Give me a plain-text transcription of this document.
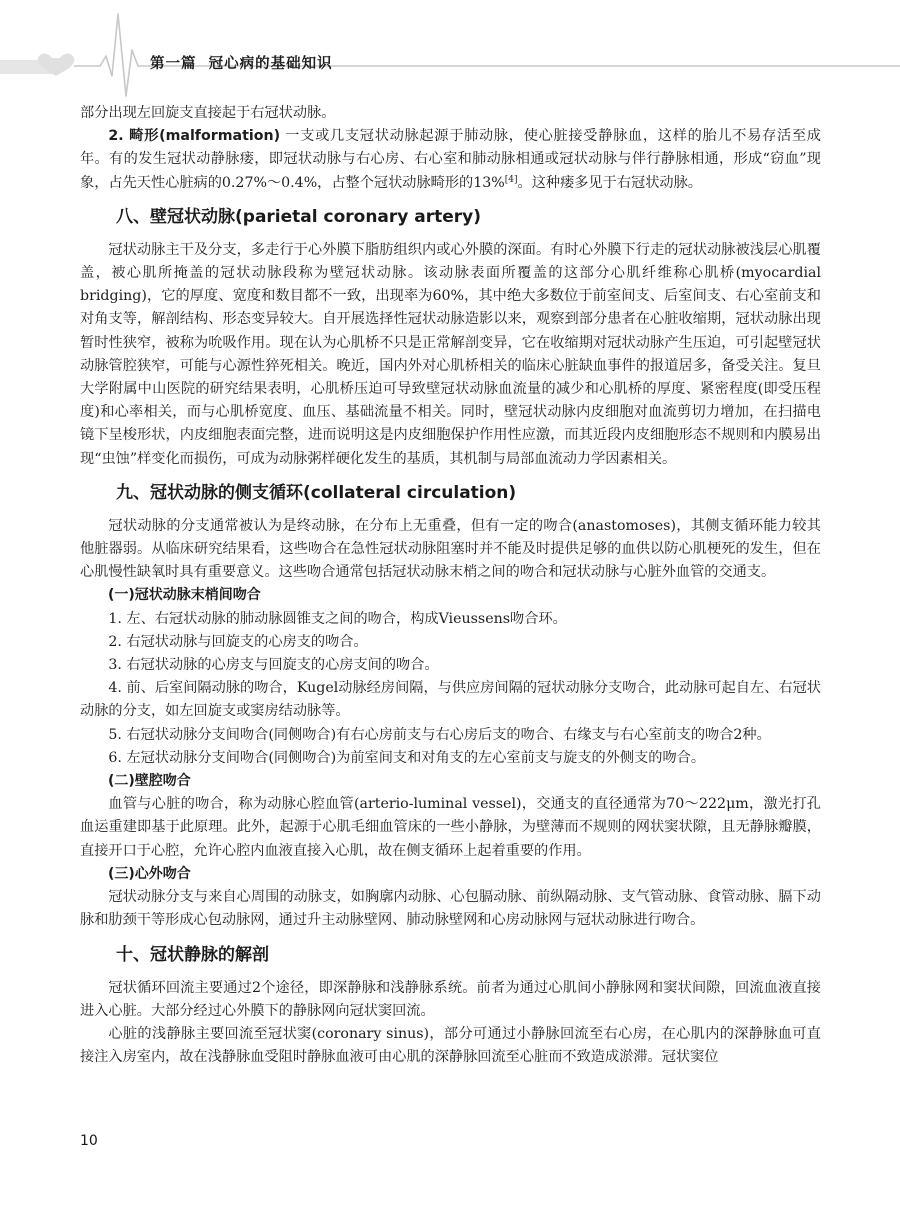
第一篇 冠心病的基础知识

部分出现左回旋支直接起于右冠状动脉。

2. 畸形(malformation) 一支或几支冠状动脉起源于肺动脉，使心脏接受静脉血，这样的胎儿不易存活至成年。有的发生冠状动静脉瘘，即冠状动脉与右心房、右心室和肺动脉相通或冠状动脉与伴行静脉相通，形成“窃血”现象，占先天性心脏病的0.27%～0.4%，占整个冠状动脉畸形的13%[4]。这种瘘多见于右冠状动脉。

八、壁冠状动脉(parietal coronary artery)

冠状动脉主干及分支，多走行于心外膜下脂肪组织内或心外膜的深面。有时心外膜下行走的冠状动脉被浅层心肌覆盖，被心肌所掩盖的冠状动脉段称为壁冠状动脉。该动脉表面所覆盖的这部分心肌纤维称心肌桥(myocardial bridging)，它的厚度、宽度和数目都不一致，出现率为60%，其中绝大多数位于前室间支、后室间支、右心室前支和对角支等，解剖结构、形态变异较大。自开展选择性冠状动脉造影以来，观察到部分患者在心脏收缩期，冠状动脉出现暂时性狭窄，被称为吮吸作用。现在认为心肌桥不只是正常解剖变异，它在收缩期对冠状动脉产生压迫，可引起壁冠状动脉管腔狭窄，可能与心源性猝死相关。晚近，国内外对心肌桥相关的临床心脏缺血事件的报道居多，备受关注。复旦大学附属中山医院的研究结果表明，心肌桥压迫可导致壁冠状动脉血流量的减少和心肌桥的厚度、紧密程度(即受压程度)和心率相关，而与心肌桥宽度、血压、基础流量不相关。同时，壁冠状动脉内皮细胞对血流剪切力增加，在扫描电镜下呈梭形状，内皮细胞表面完整，进而说明这是内皮细胞保护作用性应激，而其近段内皮细胞形态不规则和内膜易出现“虫蚀”样变化而损伤，可成为动脉粥样硬化发生的基质，其机制与局部血流动力学因素相关。

九、冠状动脉的侧支循环(collateral circulation)

冠状动脉的分支通常被认为是终动脉，在分布上无重叠，但有一定的吻合(anastomoses)，其侧支循环能力较其他脏器弱。从临床研究结果看，这些吻合在急性冠状动脉阻塞时并不能及时提供足够的血供以防心肌梗死的发生，但在心肌慢性缺氧时具有重要意义。这些吻合通常包括冠状动脉末梢之间的吻合和冠状动脉与心脏外血管的交通支。

(一)冠状动脉末梢间吻合

1. 左、右冠状动脉的肺动脉圆锥支之间的吻合，构成Vieussens吻合环。

2. 右冠状动脉与回旋支的心房支的吻合。

3. 右冠状动脉的心房支与回旋支的心房支间的吻合。

4. 前、后室间隔动脉的吻合，Kugel动脉经房间隔，与供应房间隔的冠状动脉分支吻合，此动脉可起自左、右冠状动脉的分支，如左回旋支或窦房结动脉等。

5. 右冠状动脉分支间吻合(同侧吻合)有右心房前支与右心房后支的吻合、右缘支与右心室前支的吻合2种。

6. 左冠状动脉分支间吻合(同侧吻合)为前室间支和对角支的左心室前支与旋支的外侧支的吻合。

(二)壁腔吻合

血管与心脏的吻合，称为动脉心腔血管(arterio-luminal vessel)，交通支的直径通常为70～222μm，激光打孔血运重建即基于此原理。此外，起源于心肌毛细血管床的一些小静脉，为壁薄而不规则的网状窦状隙，且无静脉瓣膜，直接开口于心腔，允许心腔内血液直接入心肌，故在侧支循环上起着重要的作用。

(三)心外吻合

冠状动脉分支与来自心周围的动脉支，如胸廓内动脉、心包膈动脉、前纵隔动脉、支气管动脉、食管动脉、膈下动脉和肋颈干等形成心包动脉网，通过升主动脉壁网、肺动脉壁网和心房动脉网与冠状动脉进行吻合。

十、冠状静脉的解剖

冠状循环回流主要通过2个途径，即深静脉和浅静脉系统。前者为通过心肌间小静脉网和窦状间隙，回流血液直接进入心脏。大部分经过心外膜下的静脉网向冠状窦回流。

心脏的浅静脉主要回流至冠状窦(coronary sinus)，部分可通过小静脉回流至右心房，在心肌内的深静脉血可直接注入房室内，故在浅静脉血受阻时静脉血液可由心肌的深静脉回流至心脏而不致造成淤滞。冠状窦位

10
